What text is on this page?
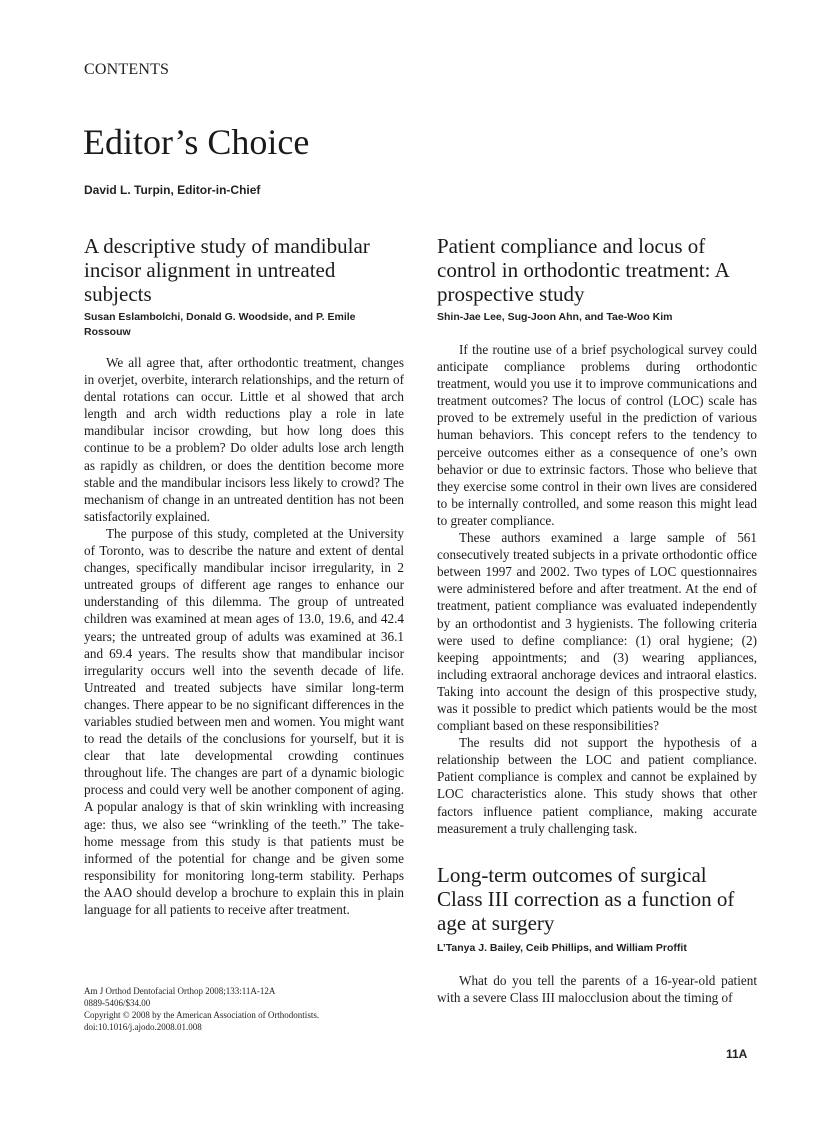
CONTENTS
Editor’s Choice
David L. Turpin, Editor-in-Chief
A descriptive study of mandibular incisor alignment in untreated subjects
Susan Eslambolchi, Donald G. Woodside, and P. Emile Rossouw

We all agree that, after orthodontic treatment, changes in overjet, overbite, interarch relationships, and the return of dental rotations can occur. Little et al showed that arch length and arch width reductions play a role in late mandibular incisor crowding, but how long does this continue to be a problem? Do older adults lose arch length as rapidly as children, or does the dentition become more stable and the mandibular incisors less likely to crowd? The mechanism of change in an untreated dentition has not been satisfactorily explained.

The purpose of this study, completed at the University of Toronto, was to describe the nature and extent of dental changes, specifically mandibular incisor irregularity, in 2 untreated groups of different age ranges to enhance our understanding of this dilemma. The group of untreated children was examined at mean ages of 13.0, 19.6, and 42.4 years; the untreated group of adults was examined at 36.1 and 69.4 years. The results show that mandibular incisor irregularity occurs well into the seventh decade of life. Untreated and treated subjects have similar long-term changes. There appear to be no significant differences in the variables studied between men and women. You might want to read the details of the conclusions for yourself, but it is clear that late developmental crowding continues throughout life. The changes are part of a dynamic biologic process and could very well be another component of aging. A popular analogy is that of skin wrinkling with increasing age: thus, we also see “wrinkling of the teeth.” The take-home message from this study is that patients must be informed of the potential for change and be given some responsibility for monitoring long-term stability. Perhaps the AAO should develop a brochure to explain this in plain language for all patients to receive after treatment.

Patient compliance and locus of control in orthodontic treatment: A prospective study
Shin-Jae Lee, Sug-Joon Ahn, and Tae-Woo Kim

If the routine use of a brief psychological survey could anticipate compliance problems during orthodontic treatment, would you use it to improve communications and treatment outcomes? The locus of control (LOC) scale has proved to be extremely useful in the prediction of various human behaviors. This concept refers to the tendency to perceive outcomes either as a consequence of one’s own behavior or due to extrinsic factors. Those who believe that they exercise some control in their own lives are considered to be internally controlled, and some reason this might lead to greater compliance.

These authors examined a large sample of 561 consecutively treated subjects in a private orthodontic office between 1997 and 2002. Two types of LOC questionnaires were administered before and after treatment. At the end of treatment, patient compliance was evaluated independently by an orthodontist and 3 hygienists. The following criteria were used to define compliance: (1) oral hygiene; (2) keeping appointments; and (3) wearing appliances, including extraoral anchorage devices and intraoral elastics. Taking into account the design of this prospective study, was it possible to predict which patients would be the most compliant based on these responsibilities?

The results did not support the hypothesis of a relationship between the LOC and patient compliance. Patient compliance is complex and cannot be explained by LOC characteristics alone. This study shows that other factors influence patient compliance, making accurate measurement a truly challenging task.

Long-term outcomes of surgical Class III correction as a function of age at surgery
L’Tanya J. Bailey, Ceib Phillips, and William Proffit

What do you tell the parents of a 16-year-old patient with a severe Class III malocclusion about the timing of

Am J Orthod Dentofacial Orthop 2008;133:11A-12A
0889-5406/$34.00
Copyright © 2008 by the American Association of Orthodontists.
doi:10.1016/j.ajodo.2008.01.008
11A
